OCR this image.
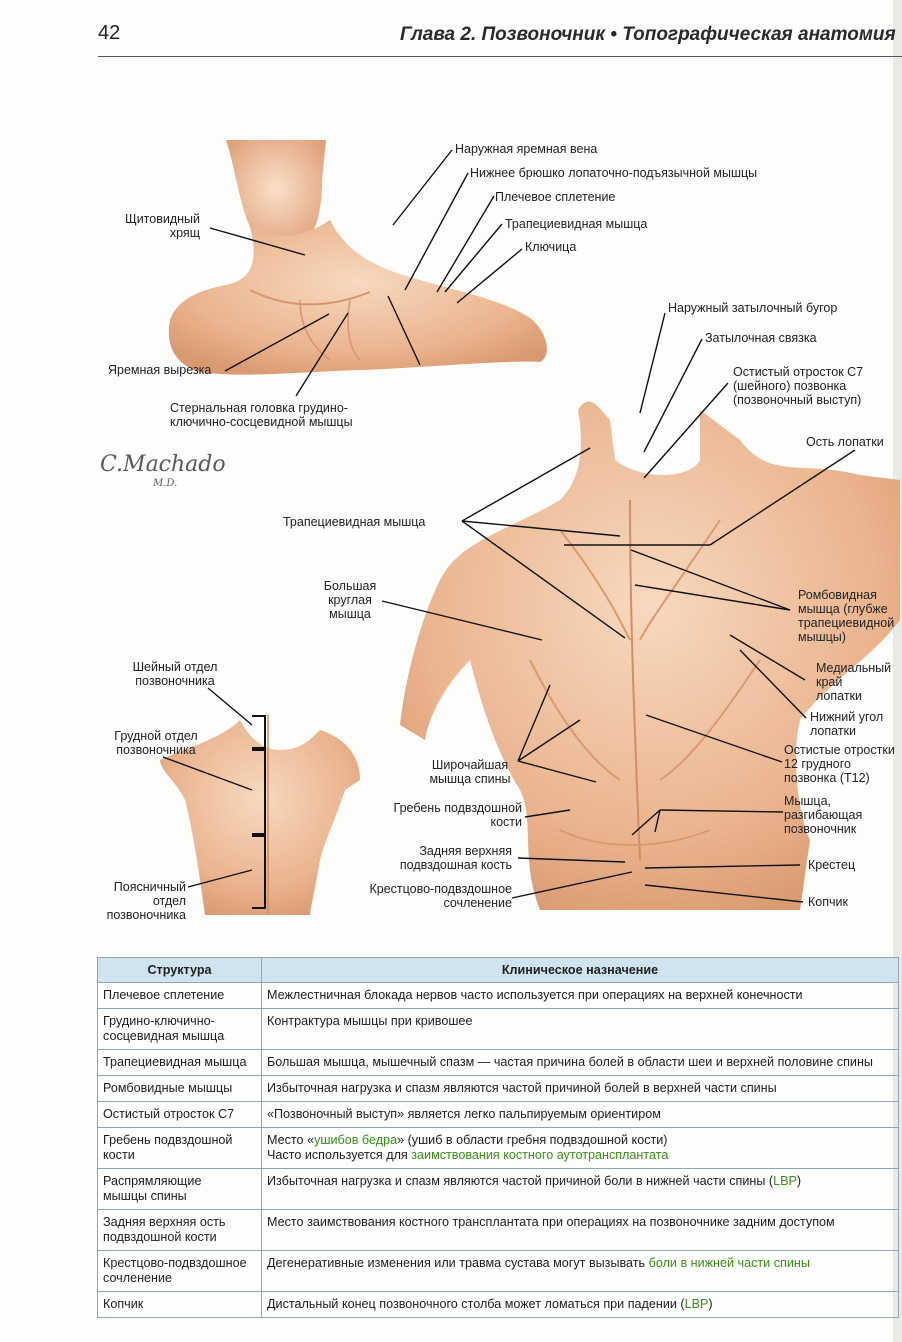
42	Глава 2. Позвоночник • Топографическая анатомия
C.Machado
M.D.
Наружная яремная вена
Нижнее брюшко лопаточно-подъязычной мышцы
Плечевое сплетение
Трапециевидная мышца
Ключица
Щитовидный
хрящ
Яремная вырезка
Стернальная головка грудино-
ключично-сосцевидной мышцы
Наружный затылочный бугор
Затылочная связка
Остистый отросток С7
(шейного) позвонка
(позвоночный выступ)
Ость лопатки
Трапециевидная мышца
Большая
круглая
мышца
Ромбовидная
мышца (глубже
трапециевидной
мышцы)
Медиальный
край
лопатки
Нижний угол
лопатки
Остистые отростки
12 грудного
позвонка (Т12)
Широчайшая
мышца спины
Гребень подвздошной
кости
Задняя верхняя
подвздошная кость
Мышца,
разгибающая
позвоночник
Крестцово-подвздошное
сочленение
Крестец
Копчик
Шейный отдел
позвоночника
Грудной отдел
позвоночника
Поясничный
отдел
позвоночника
Структура	Клиническое назначение
Плечевое сплетение	Межлестничная блокада нервов часто используется при операциях на верхней конечности
Грудино-ключично-
сосцевидная мышца	Контрактура мышцы при кривошее
Трапециевидная мышца	Большая мышца, мышечный спазм — частая причина болей в области шеи и верхней половине спины
Ромбовидные мышцы	Избыточная нагрузка и спазм являются частой причиной болей в верхней части спины
Остистый отросток С7	«Позвоночный выступ» является легко пальпируемым ориентиром
Гребень подвздошной
кости	Место «ушибов бедра» (ушиб в области гребня подвздошной кости)
Часто используется для заимствования костного аутотрансплантата
Распрямляющие
мышцы спины	Избыточная нагрузка и спазм являются частой причиной боли в нижней части спины (LBP)
Задняя верхняя ость
подвздошной кости	Место заимствования костного трансплантата при операциях на позвоночнике задним доступом
Крестцово-подвздошное
сочленение	Дегенеративные изменения или травма сустава могут вызывать боли в нижней части спины
Копчик	Дистальный конец позвоночного столба может ломаться при падении (LBP)
